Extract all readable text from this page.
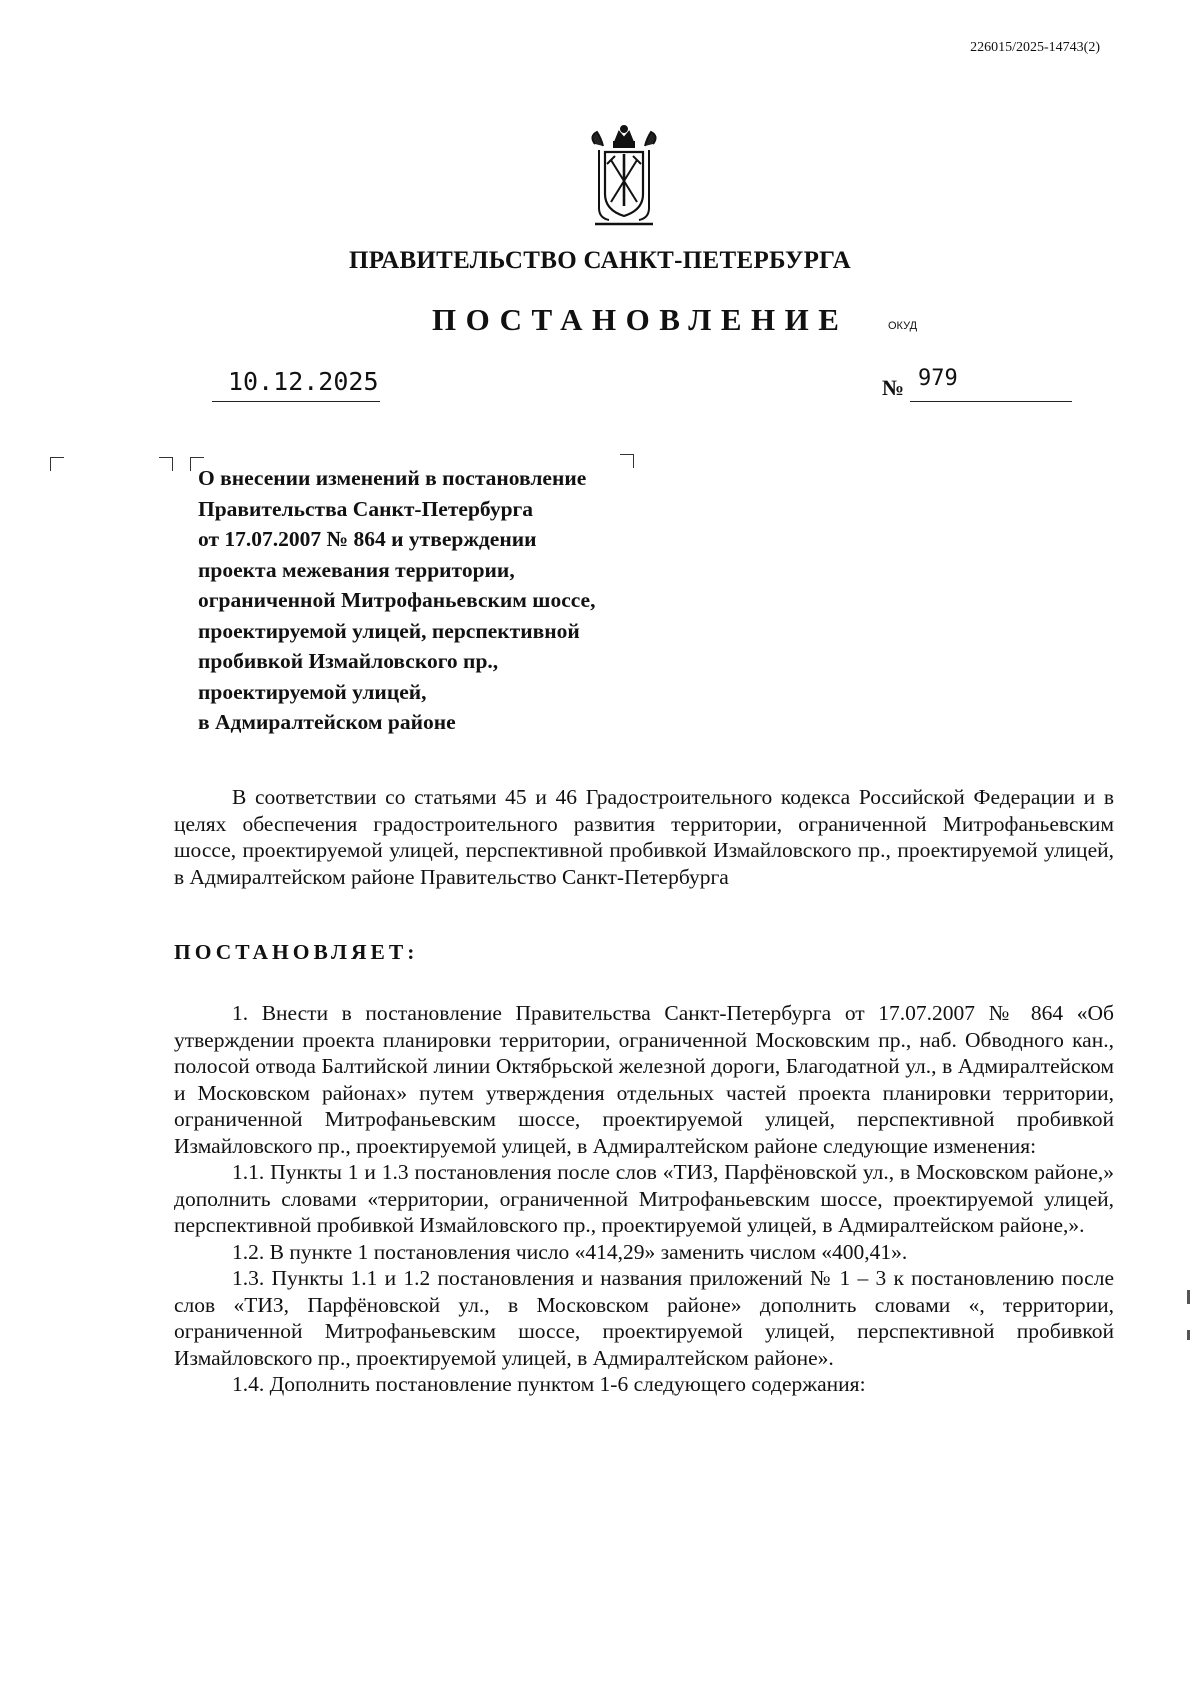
226015/2025-14743(2)
ПРАВИТЕЛЬСТВО САНКТ-ПЕТЕРБУРГА
ПОСТАНОВЛЕНИЕ	ОКУД
10.12.2025	№ 979
О внесении изменений в постановление
Правительства Санкт-Петербурга
от 17.07.2007 № 864 и утверждении
проекта межевания территории,
ограниченной Митрофаньевским шоссе,
проектируемой улицей, перспективной
пробивкой Измайловского пр.,
проектируемой улицей,
в Адмиралтейском районе
В соответствии со статьями 45 и 46 Градостроительного кодекса Российской Федерации и в целях обеспечения градостроительного развития территории, ограниченной Митрофаньевским шоссе, проектируемой улицей, перспективной пробивкой Измайловского пр., проектируемой улицей, в Адмиралтейском районе Правительство Санкт-Петербурга
ПОСТАНОВЛЯЕТ:

1. Внести в постановление Правительства Санкт-Петербурга от 17.07.2007 № 864 «Об утверждении проекта планировки территории, ограниченной Московским пр., наб. Обводного кан., полосой отвода Балтийской линии Октябрьской железной дороги, Благодатной ул., в Адмиралтейском и Московском районах» путем утверждения отдельных частей проекта планировки территории, ограниченной Митрофаньевским шоссе, проектируемой улицей, перспективной пробивкой Измайловского пр., проектируемой улицей, в Адмиралтейском районе следующие изменения:

1.1. Пункты 1 и 1.3 постановления после слов «ТИЗ, Парфёновской ул., в Московском районе,» дополнить словами «территории, ограниченной Митрофаньевским шоссе, проектируемой улицей, перспективной пробивкой Измайловского пр., проектируемой улицей, в Адмиралтейском районе,».

1.2. В пункте 1 постановления число «414,29» заменить числом «400,41».

1.3. Пункты 1.1 и 1.2 постановления и названия приложений № 1 – 3 к постановлению после слов «ТИЗ, Парфёновской ул., в Московском районе» дополнить словами «, территории, ограниченной Митрофаньевским шоссе, проектируемой улицей, перспективной пробивкой Измайловского пр., проектируемой улицей, в Адмиралтейском районе».

1.4. Дополнить постановление пунктом 1-6 следующего содержания:
